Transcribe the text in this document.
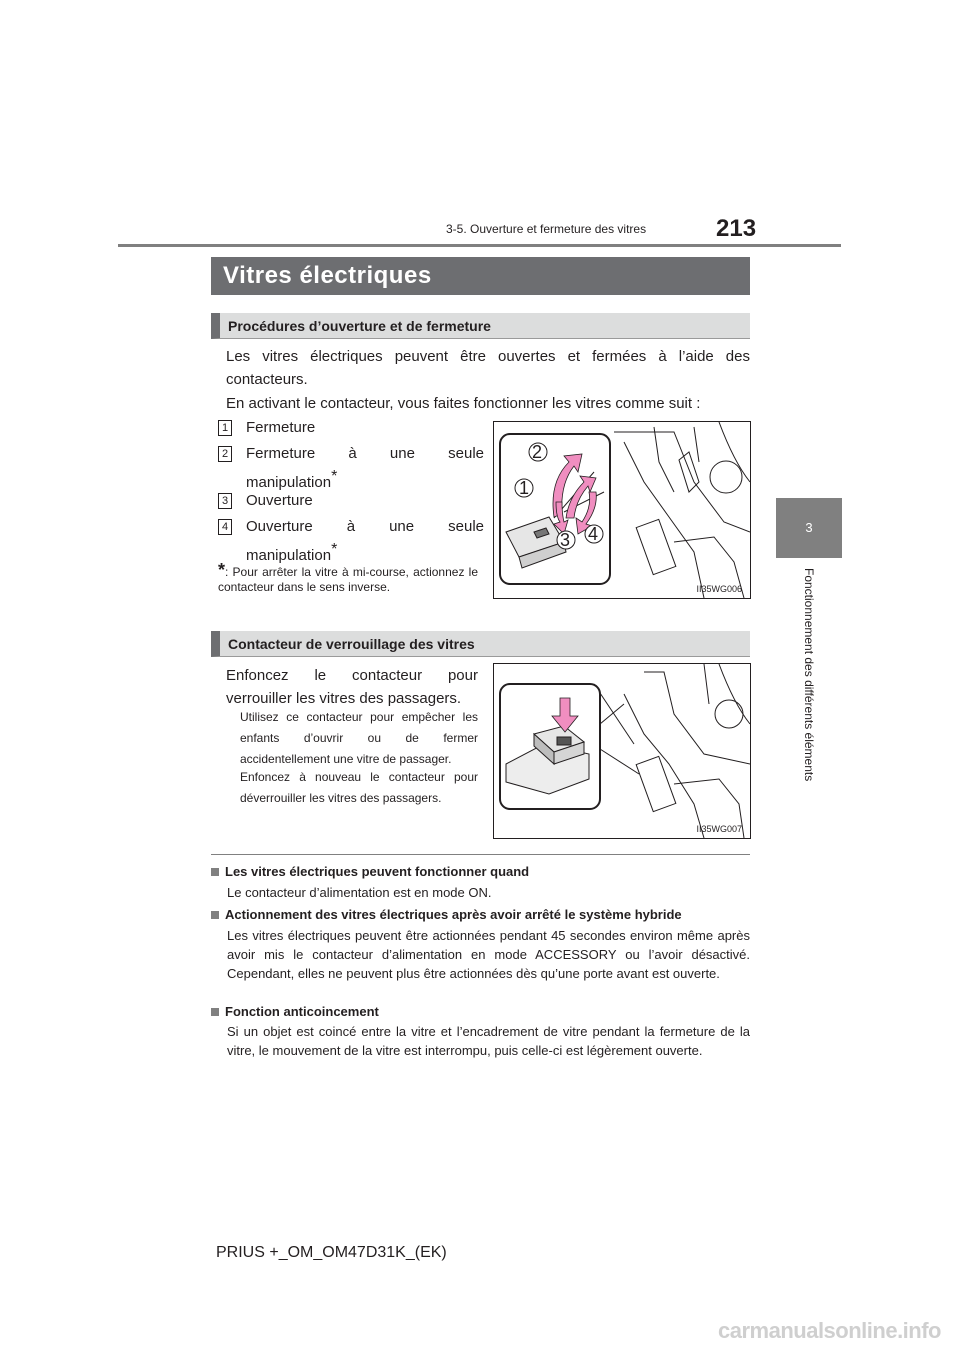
3-5. Ouverture et fermeture des vitres	213
3
Fonctionnement des différents éléments
Vitres électriques
Procédures d’ouverture et de fermeture
Les vitres électriques peuvent être ouvertes et fermées à l’aide des contacteurs.
En activant le contacteur, vous faites fonctionner les vitres comme suit :
1 Fermeture
2 Fermeture à une seule manipulation*
3 Ouverture
4 Ouverture à une seule manipulation*
*: Pour arrêter la vitre à mi-course, actionnez le contacteur dans le sens inverse.
1
2
3 4
II35WG006
Contacteur de verrouillage des vitres
Enfoncez le contacteur pour verrouiller les vitres des passagers.
Utilisez ce contacteur pour empêcher les enfants d’ouvrir ou de fermer accidentellement une vitre de passager.
Enfoncez à nouveau le contacteur pour déverrouiller les vitres des passagers.
II35WG007
Les vitres électriques peuvent fonctionner quand
Le contacteur d’alimentation est en mode ON.
Actionnement des vitres électriques après avoir arrêté le système hybride
Les vitres électriques peuvent être actionnées pendant 45 secondes environ même après avoir mis le contacteur d’alimentation en mode ACCESSORY ou l’avoir désactivé. Cependant, elles ne peuvent plus être actionnées dès qu’une porte avant est ouverte.
Fonction anticoincement
Si un objet est coincé entre la vitre et l’encadrement de vitre pendant la fermeture de la vitre, le mouvement de la vitre est interrompu, puis celle-ci est légèrement ouverte.
PRIUS +_OM_OM47D31K_(EK)
carmanualsonline.info
